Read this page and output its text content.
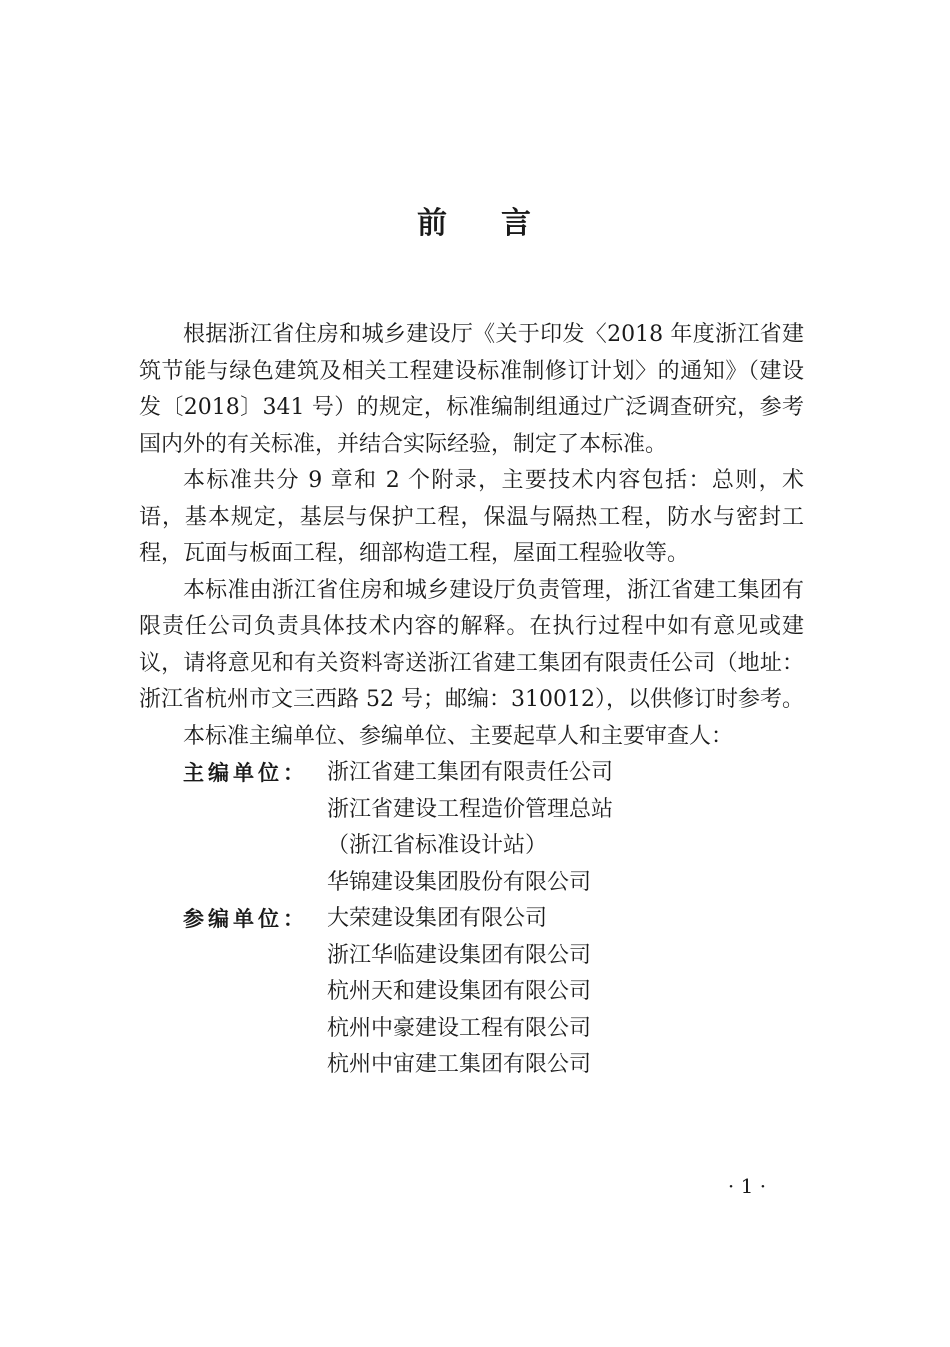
前 言

根据浙江省住房和城乡建设厅《关于印发〈2018 年度浙江省建筑节能与绿色建筑及相关工程建设标准制修订计划〉的通知》（建设发〔2018〕341 号）的规定，标准编制组通过广泛调查研究，参考国内外的有关标准，并结合实际经验，制定了本标准。

本标准共分 9 章和 2 个附录，主要技术内容包括：总则，术语，基本规定，基层与保护工程，保温与隔热工程，防水与密封工程，瓦面与板面工程，细部构造工程，屋面工程验收等。

本标准由浙江省住房和城乡建设厅负责管理，浙江省建工集团有限责任公司负责具体技术内容的解释。在执行过程中如有意见或建议，请将意见和有关资料寄送浙江省建工集团有限责任公司（地址：浙江省杭州市文三西路 52 号；邮编：310012），以供修订时参考。

本标准主编单位、参编单位、主要起草人和主要审查人：

主编单位： 浙江省建工集团有限责任公司
浙江省建设工程造价管理总站
（浙江省标准设计站）
华锦建设集团股份有限公司
参编单位： 大荣建设集团有限公司
浙江华临建设集团有限公司
杭州天和建设集团有限公司
杭州中豪建设工程有限公司
杭州中宙建工集团有限公司
· 1 ·
